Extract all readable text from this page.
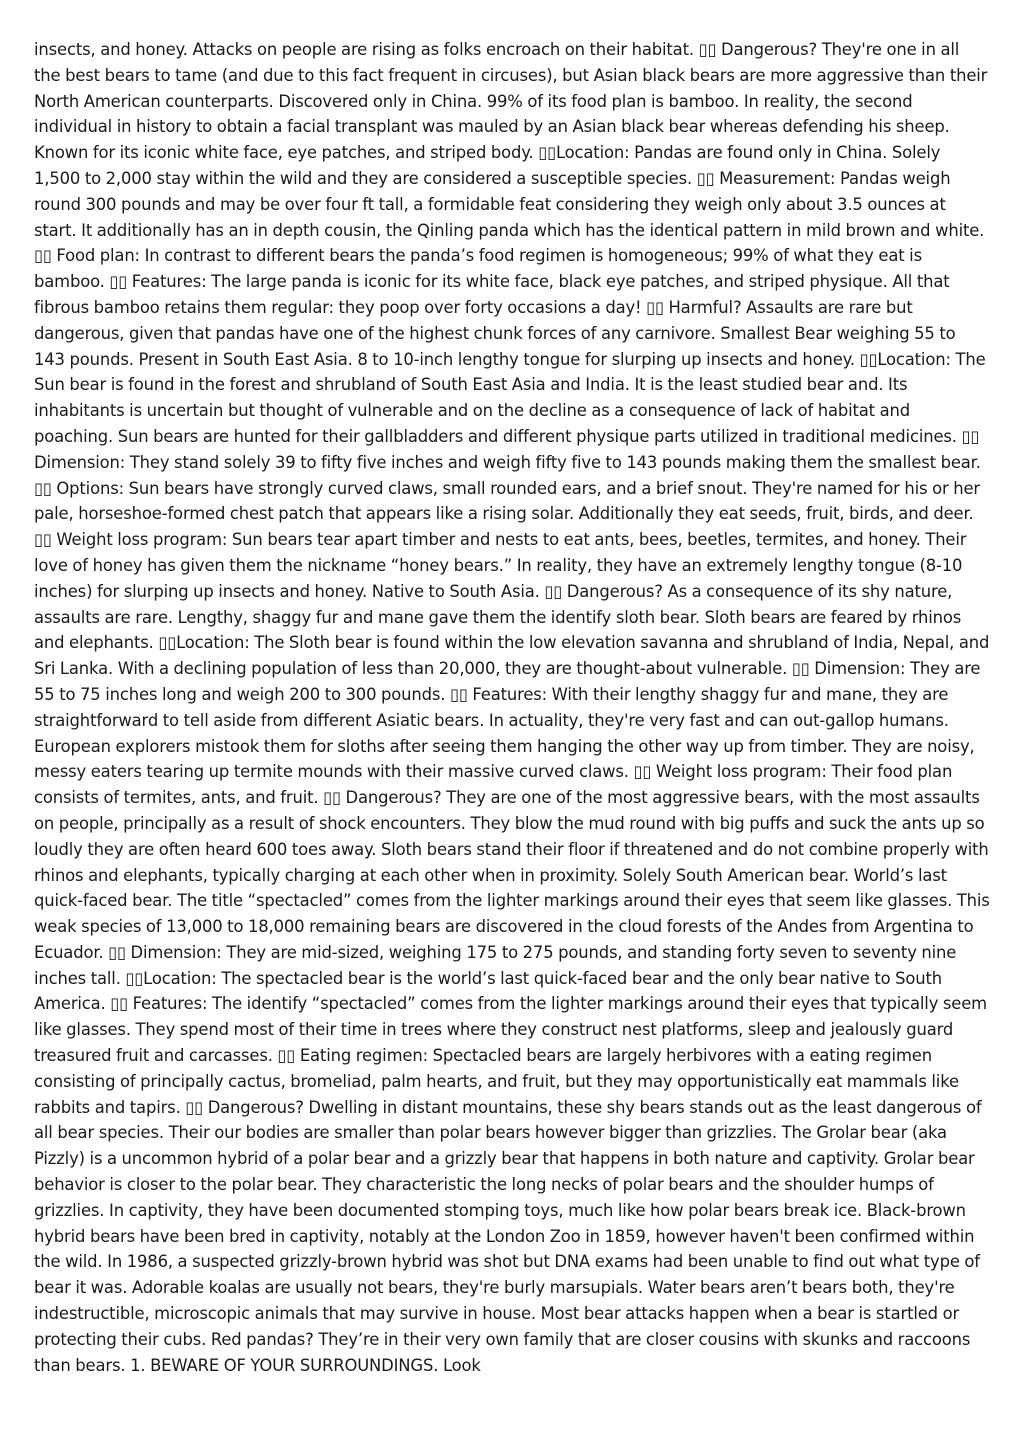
insects, and honey. Attacks on people are rising as folks encroach on their habitat. ▯▯ Dangerous? They're one in all the best bears to tame (and due to this fact frequent in circuses), but Asian black bears are more aggressive than their North American counterparts. Discovered only in China. 99% of its food plan is bamboo. In reality, the second individual in history to obtain a facial transplant was mauled by an Asian black bear whereas defending his sheep. Known for its iconic white face, eye patches, and striped body. ▯▯Location: Pandas are found only in China. Solely 1,500 to 2,000 stay within the wild and they are considered a susceptible species. ▯▯ Measurement: Pandas weigh round 300 pounds and may be over four ft tall, a formidable feat considering they weigh only about 3.5 ounces at start. It additionally has an in depth cousin, the Qinling panda which has the identical pattern in mild brown and white. ▯▯ Food plan: In contrast to different bears the panda’s food regimen is homogeneous; 99% of what they eat is bamboo. ▯▯ Features: The large panda is iconic for its white face, black eye patches, and striped physique. All that fibrous bamboo retains them regular: they poop over forty occasions a day! ▯▯ Harmful? Assaults are rare but dangerous, given that pandas have one of the highest chunk forces of any carnivore. Smallest Bear weighing 55 to 143 pounds. Present in South East Asia. 8 to 10-inch lengthy tongue for slurping up insects and honey. ▯▯Location: The Sun bear is found in the forest and shrubland of South East Asia and India. It is the least studied bear and. Its inhabitants is uncertain but thought of vulnerable and on the decline as a consequence of lack of habitat and poaching. Sun bears are hunted for their gallbladders and different physique parts utilized in traditional medicines. ▯▯ Dimension: They stand solely 39 to fifty five inches and weigh fifty five to 143 pounds making them the smallest bear. ▯▯ Options: Sun bears have strongly curved claws, small rounded ears, and a brief snout. They're named for his or her pale, horseshoe-formed chest patch that appears like a rising solar. Additionally they eat seeds, fruit, birds, and deer. ▯▯ Weight loss program: Sun bears tear apart timber and nests to eat ants, bees, beetles, termites, and honey. Their love of honey has given them the nickname “honey bears.” In reality, they have an extremely lengthy tongue (8-10 inches) for slurping up insects and honey. Native to South Asia. ▯▯ Dangerous? As a consequence of its shy nature, assaults are rare. Lengthy, shaggy fur and mane gave them the identify sloth bear. Sloth bears are feared by rhinos and elephants. ▯▯Location: The Sloth bear is found within the low elevation savanna and shrubland of India, Nepal, and Sri Lanka. With a declining population of less than 20,000, they are thought-about vulnerable. ▯▯ Dimension: They are 55 to 75 inches long and weigh 200 to 300 pounds. ▯▯ Features: With their lengthy shaggy fur and mane, they are straightforward to tell aside from different Asiatic bears. In actuality, they're very fast and can out-gallop humans. European explorers mistook them for sloths after seeing them hanging the other way up from timber. They are noisy, messy eaters tearing up termite mounds with their massive curved claws. ▯▯ Weight loss program: Their food plan consists of termites, ants, and fruit. ▯▯ Dangerous? They are one of the most aggressive bears, with the most assaults on people, principally as a result of shock encounters. They blow the mud round with big puffs and suck the ants up so loudly they are often heard 600 toes away. Sloth bears stand their floor if threatened and do not combine properly with rhinos and elephants, typically charging at each other when in proximity. Solely South American bear. World’s last quick-faced bear. The title “spectacled” comes from the lighter markings around their eyes that seem like glasses. This weak species of 13,000 to 18,000 remaining bears are discovered in the cloud forests of the Andes from Argentina to Ecuador. ▯▯ Dimension: They are mid-sized, weighing 175 to 275 pounds, and standing forty seven to seventy nine inches tall. ▯▯Location: The spectacled bear is the world’s last quick-faced bear and the only bear native to South America. ▯▯ Features: The identify “spectacled” comes from the lighter markings around their eyes that typically seem like glasses. They spend most of their time in trees where they construct nest platforms, sleep and jealously guard treasured fruit and carcasses. ▯▯ Eating regimen: Spectacled bears are largely herbivores with a eating regimen consisting of principally cactus, bromeliad, palm hearts, and fruit, but they may opportunistically eat mammals like rabbits and tapirs. ▯▯ Dangerous? Dwelling in distant mountains, these shy bears stands out as the least dangerous of all bear species. Their our bodies are smaller than polar bears however bigger than grizzlies. The Grolar bear (aka Pizzly) is a uncommon hybrid of a polar bear and a grizzly bear that happens in both nature and captivity. Grolar bear behavior is closer to the polar bear. They characteristic the long necks of polar bears and the shoulder humps of grizzlies. In captivity, they have been documented stomping toys, much like how polar bears break ice. Black-brown hybrid bears have been bred in captivity, notably at the London Zoo in 1859, however haven't been confirmed within the wild. In 1986, a suspected grizzly-brown hybrid was shot but DNA exams had been unable to find out what type of bear it was. Adorable koalas are usually not bears, they're burly marsupials. Water bears aren’t bears both, they're indestructible, microscopic animals that may survive in house. Most bear attacks happen when a bear is startled or protecting their cubs. Red pandas? They’re in their very own family that are closer cousins with skunks and raccoons than bears. 1. BEWARE OF YOUR SURROUNDINGS. Look
